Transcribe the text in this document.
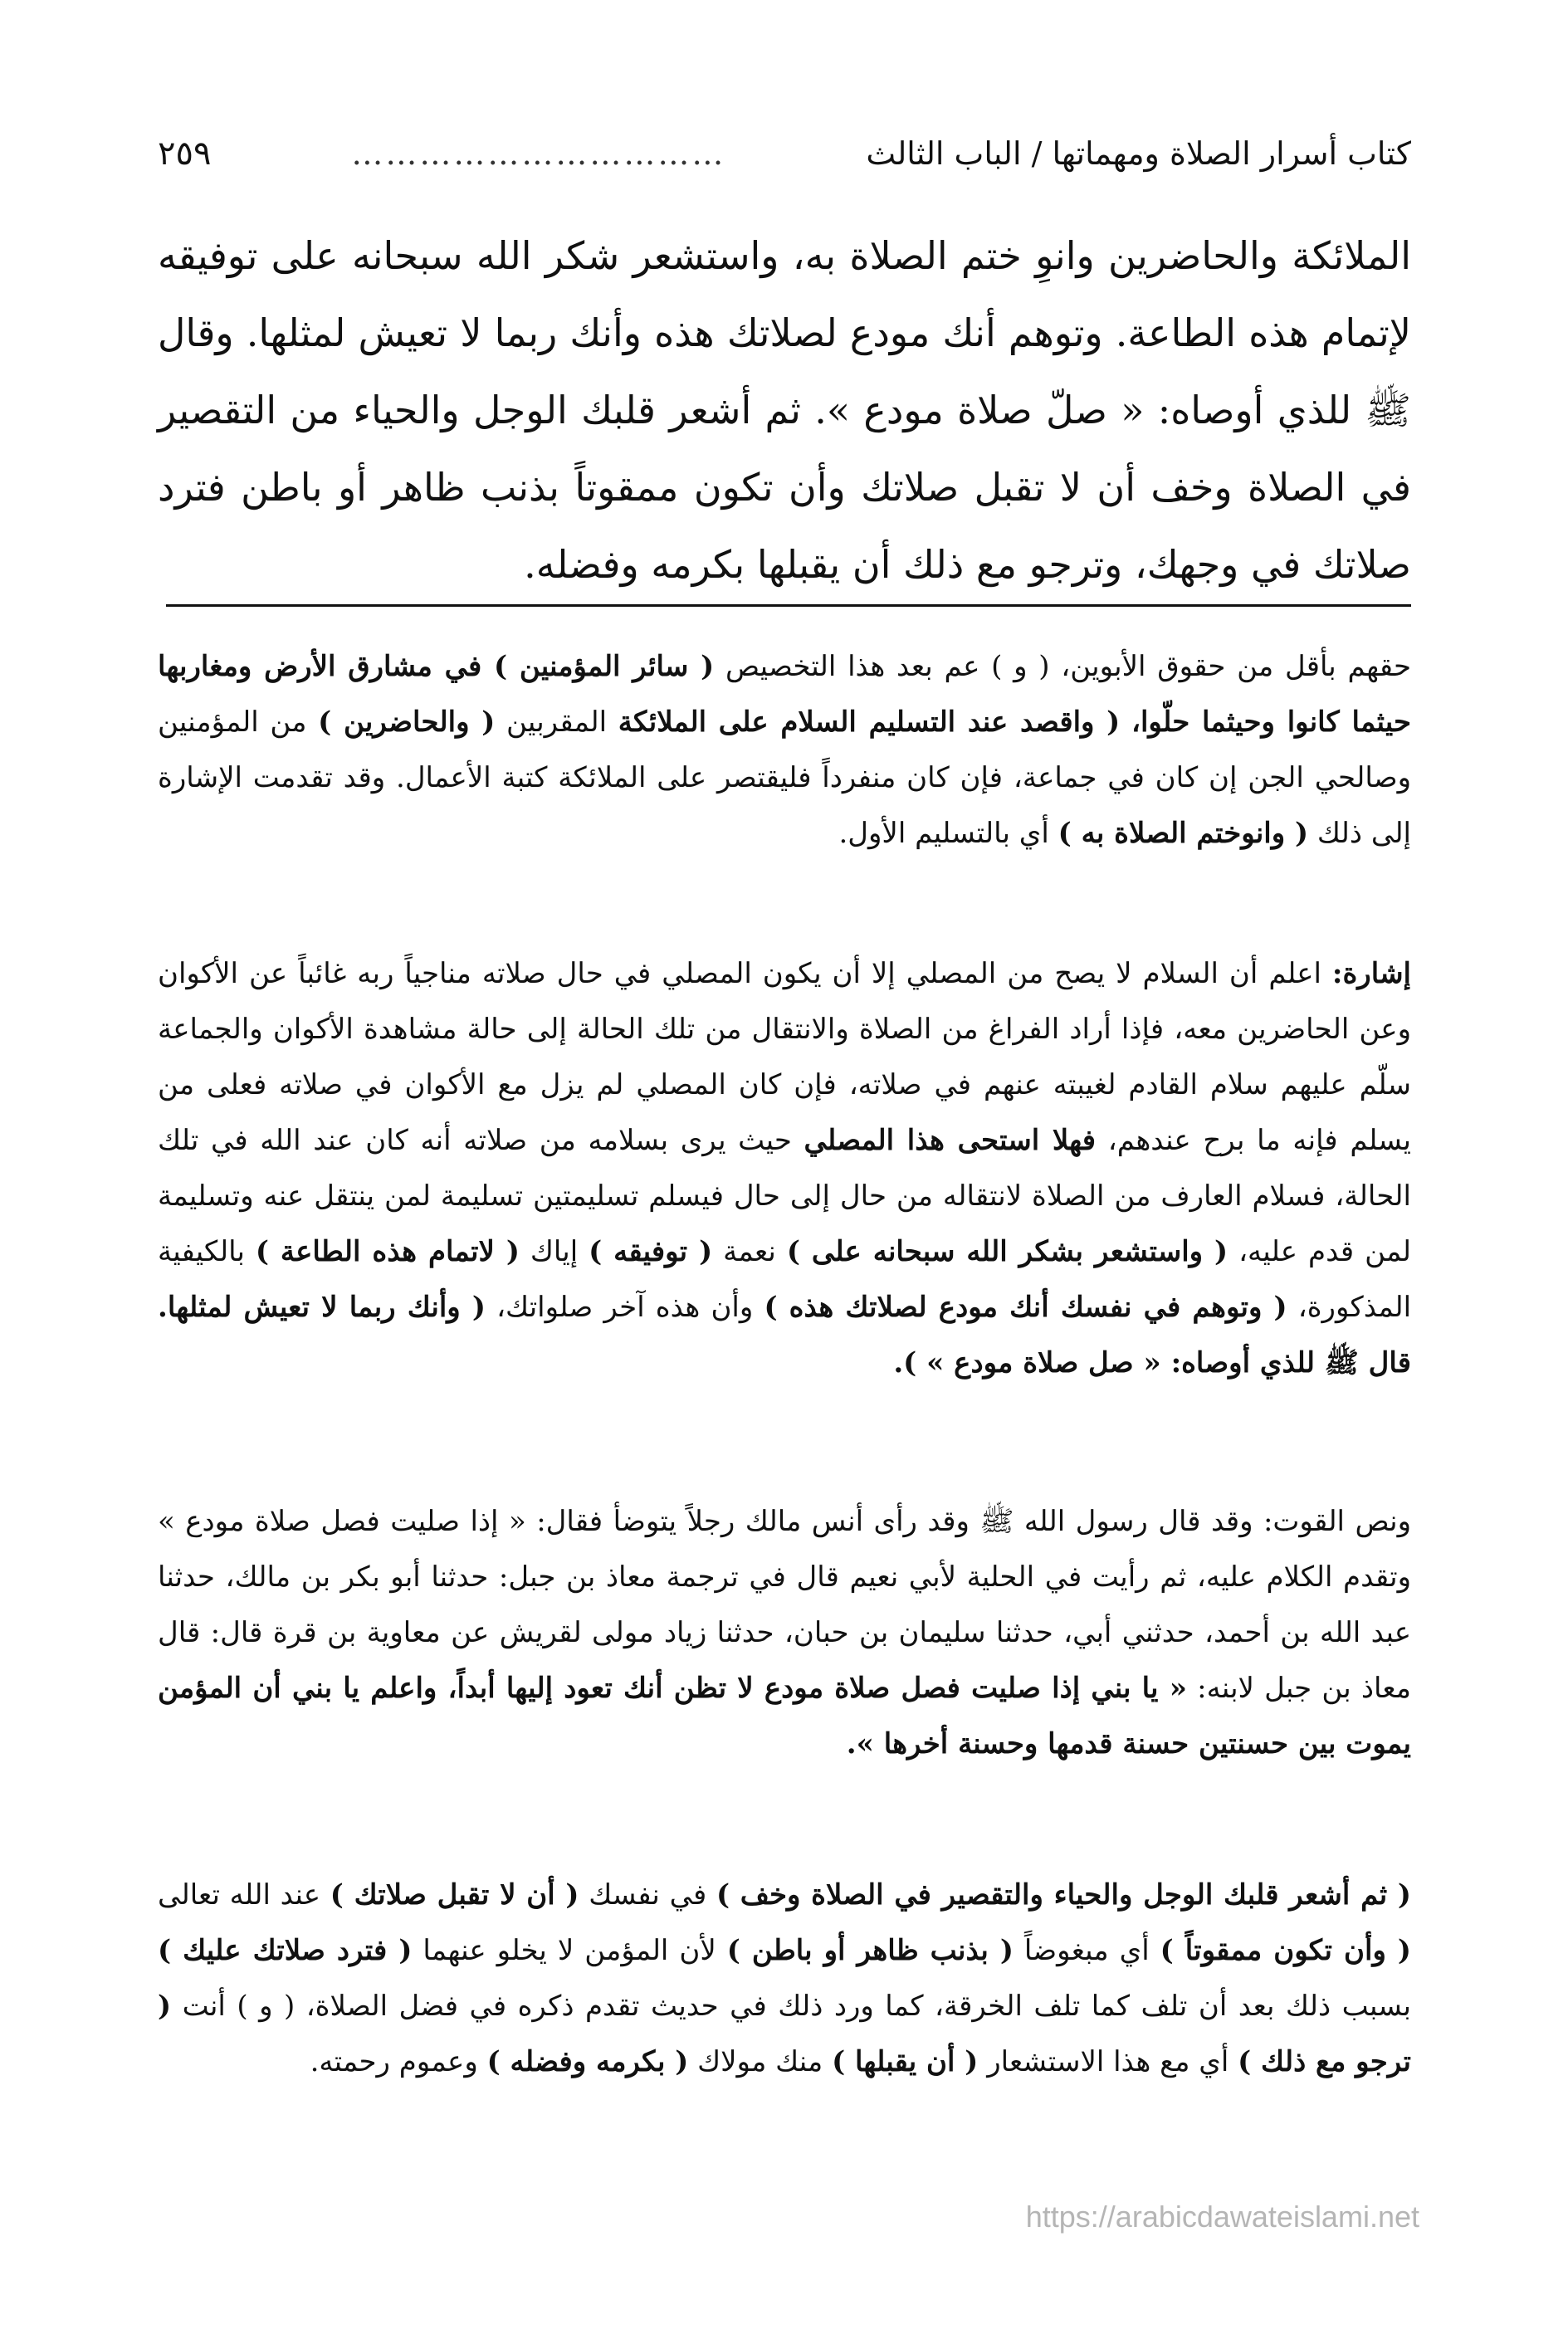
كتاب أسرار الصلاة ومهماتها / الباب الثالث
……………………………
٢٥٩
الملائكة والحاضرين وانوِ ختم الصلاة به، واستشعر شكر الله سبحانه على توفيقه لإتمام هذه الطاعة. وتوهم أنك مودع لصلاتك هذه وأنك ربما لا تعيش لمثلها. وقال ﷺ للذي أوصاه: « صلّ صلاة مودع ». ثم أشعر قلبك الوجل والحياء من التقصير في الصلاة وخف أن لا تقبل صلاتك وأن تكون ممقوتاً بذنب ظاهر أو باطن فترد صلاتك في وجهك، وترجو مع ذلك أن يقبلها بكرمه وفضله.
حقهم بأقل من حقوق الأبوين، ( و ) عم بعد هذا التخصيص ( سائر المؤمنين ) في مشارق الأرض ومغاربها حيثما كانوا وحيثما حلّوا، ( واقصد عند التسليم السلام على الملائكة المقربين ( والحاضرين ) من المؤمنين وصالحي الجن إن كان في جماعة، فإن كان منفرداً فليقتصر على الملائكة كتبة الأعمال. وقد تقدمت الإشارة إلى ذلك ( وانوختم الصلاة به ) أي بالتسليم الأول.
إشارة: اعلم أن السلام لا يصح من المصلي إلا أن يكون المصلي في حال صلاته مناجياً ربه غائباً عن الأكوان وعن الحاضرين معه، فإذا أراد الفراغ من الصلاة والانتقال من تلك الحالة إلى حالة مشاهدة الأكوان والجماعة سلّم عليهم سلام القادم لغيبته عنهم في صلاته، فإن كان المصلي لم يزل مع الأكوان في صلاته فعلى من يسلم فإنه ما برح عندهم، فهلا استحى هذا المصلي حيث يرى بسلامه من صلاته أنه كان عند الله في تلك الحالة، فسلام العارف من الصلاة لانتقاله من حال إلى حال فيسلم تسليمتين تسليمة لمن ينتقل عنه وتسليمة لمن قدم عليه، ( واستشعر بشكر الله سبحانه على ) نعمة ( توفيقه ) إياك ( لاتمام هذه الطاعة ) بالكيفية المذكورة، ( وتوهم في نفسك أنك مودع لصلاتك هذه ) وأن هذه آخر صلواتك، ( وأنك ربما لا تعيش لمثلها. قال ﷺ للذي أوصاه: « صل صلاة مودع » ).
ونص القوت: وقد قال رسول الله ﷺ وقد رأى أنس مالك رجلاً يتوضأ فقال: « إذا صليت فصل صلاة مودع » وتقدم الكلام عليه، ثم رأيت في الحلية لأبي نعيم قال في ترجمة معاذ بن جبل: حدثنا أبو بكر بن مالك، حدثنا عبد الله بن أحمد، حدثني أبي، حدثنا سليمان بن حبان، حدثنا زياد مولى لقريش عن معاوية بن قرة قال: قال معاذ بن جبل لابنه: « يا بني إذا صليت فصل صلاة مودع لا تظن أنك تعود إليها أبداً، واعلم يا بني أن المؤمن يموت بين حسنتين حسنة قدمها وحسنة أخرها ».
( ثم أشعر قلبك الوجل والحياء والتقصير في الصلاة وخف ) في نفسك ( أن لا تقبل صلاتك ) عند الله تعالى ( وأن تكون ممقوتاً ) أي مبغوضاً ( بذنب ظاهر أو باطن ) لأن المؤمن لا يخلو عنهما ( فترد صلاتك عليك ) بسبب ذلك بعد أن تلف كما تلف الخرقة، كما ورد ذلك في حديث تقدم ذكره في فضل الصلاة، ( و ) أنت ( ترجو مع ذلك ) أي مع هذا الاستشعار ( أن يقبلها ) منك مولاك ( بكرمه وفضله ) وعموم رحمته.
https://arabicdawateislami.net
